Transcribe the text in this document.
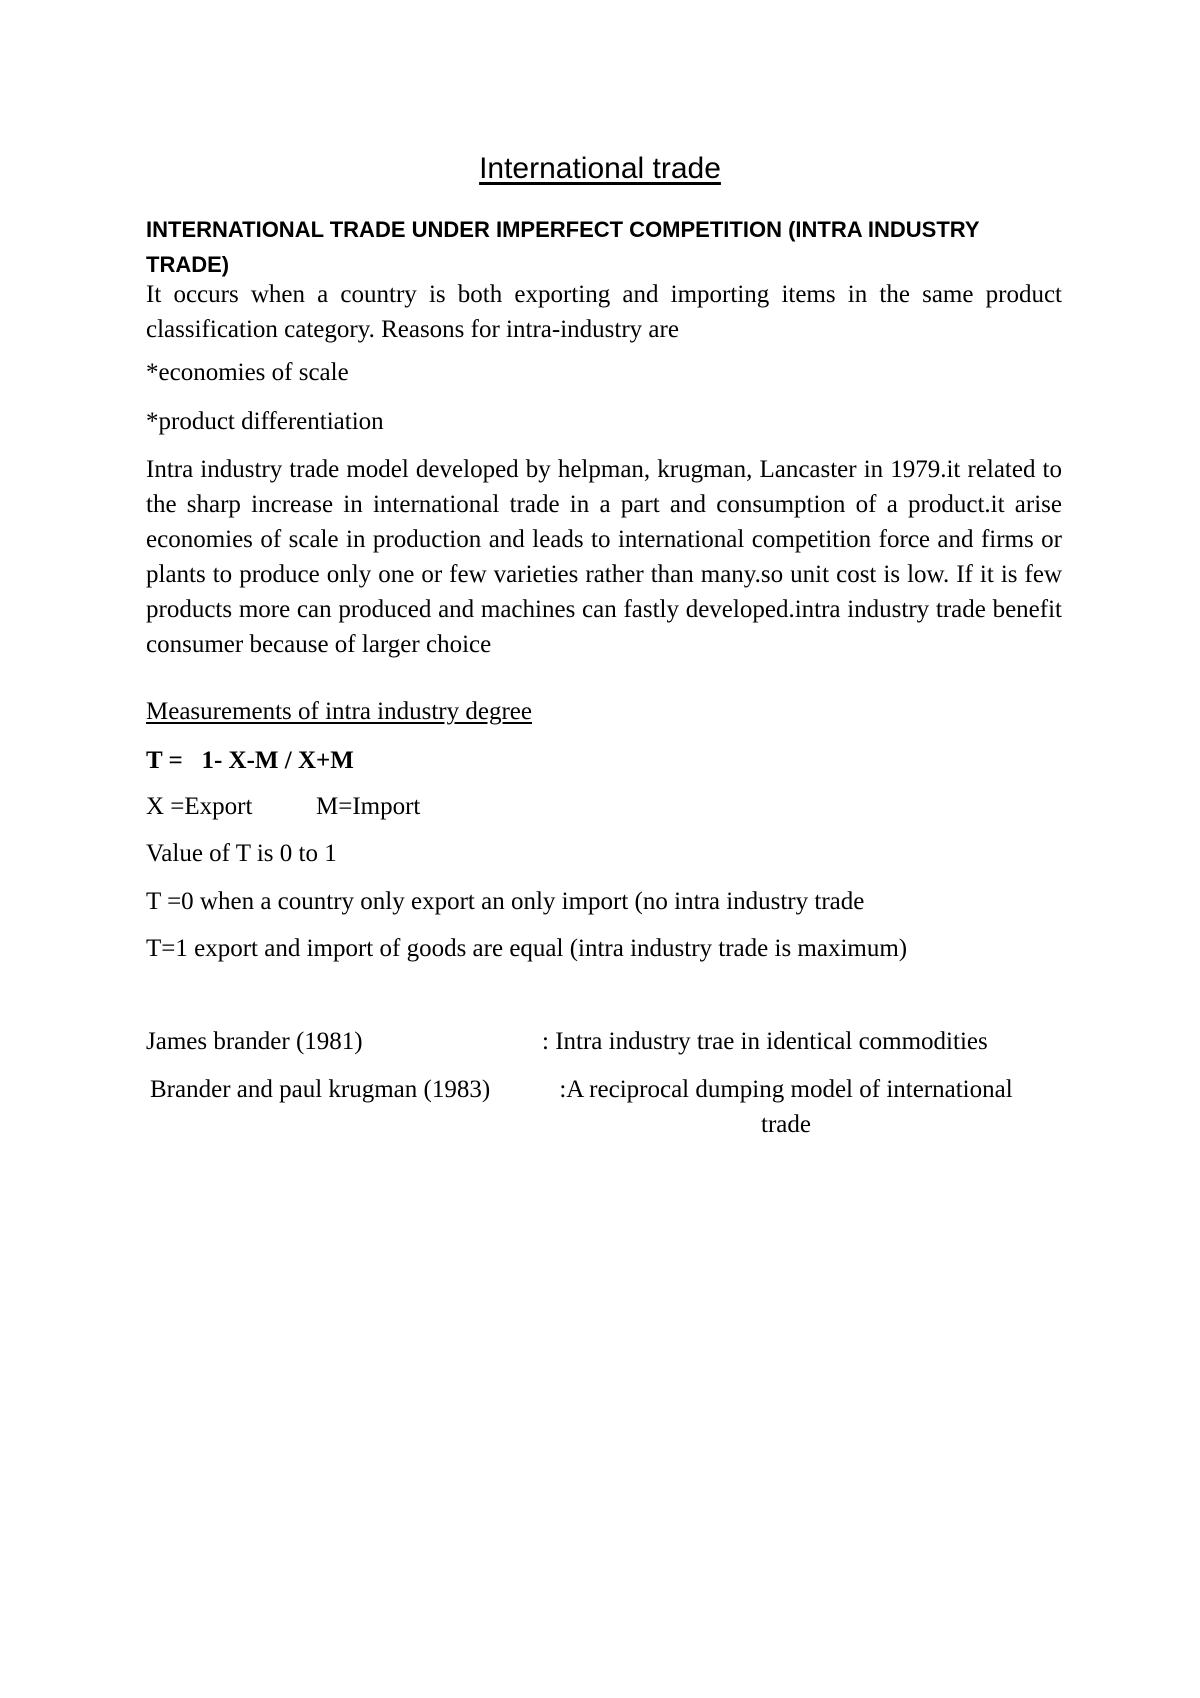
International trade
INTERNATIONAL TRADE UNDER IMPERFECT COMPETITION (INTRA INDUSTRY TRADE)
It occurs when a country is both exporting and importing items in the same product classification category. Reasons for intra-industry are
*economies of scale
*product differentiation
Intra industry trade model developed by helpman, krugman, Lancaster in 1979.it related to the sharp increase in international trade in a part and consumption of a product.it arise economies of scale in production and leads to international competition force and firms or plants to produce only one or few varieties rather than many.so unit cost is low. If it is few products more can produced and machines can fastly developed.intra industry trade benefit consumer because of larger choice
Measurements of intra industry degree
T =   1- X-M / X+M
X =Export	M=Import
Value of T is 0 to 1
T =0 when a country only export an only import (no intra industry trade
T=1 export and import of goods are equal (intra industry trade is maximum)
James brander (1981)	: Intra industry trae in identical commodities
Brander and paul krugman (1983)	:A reciprocal dumping model of international trade
